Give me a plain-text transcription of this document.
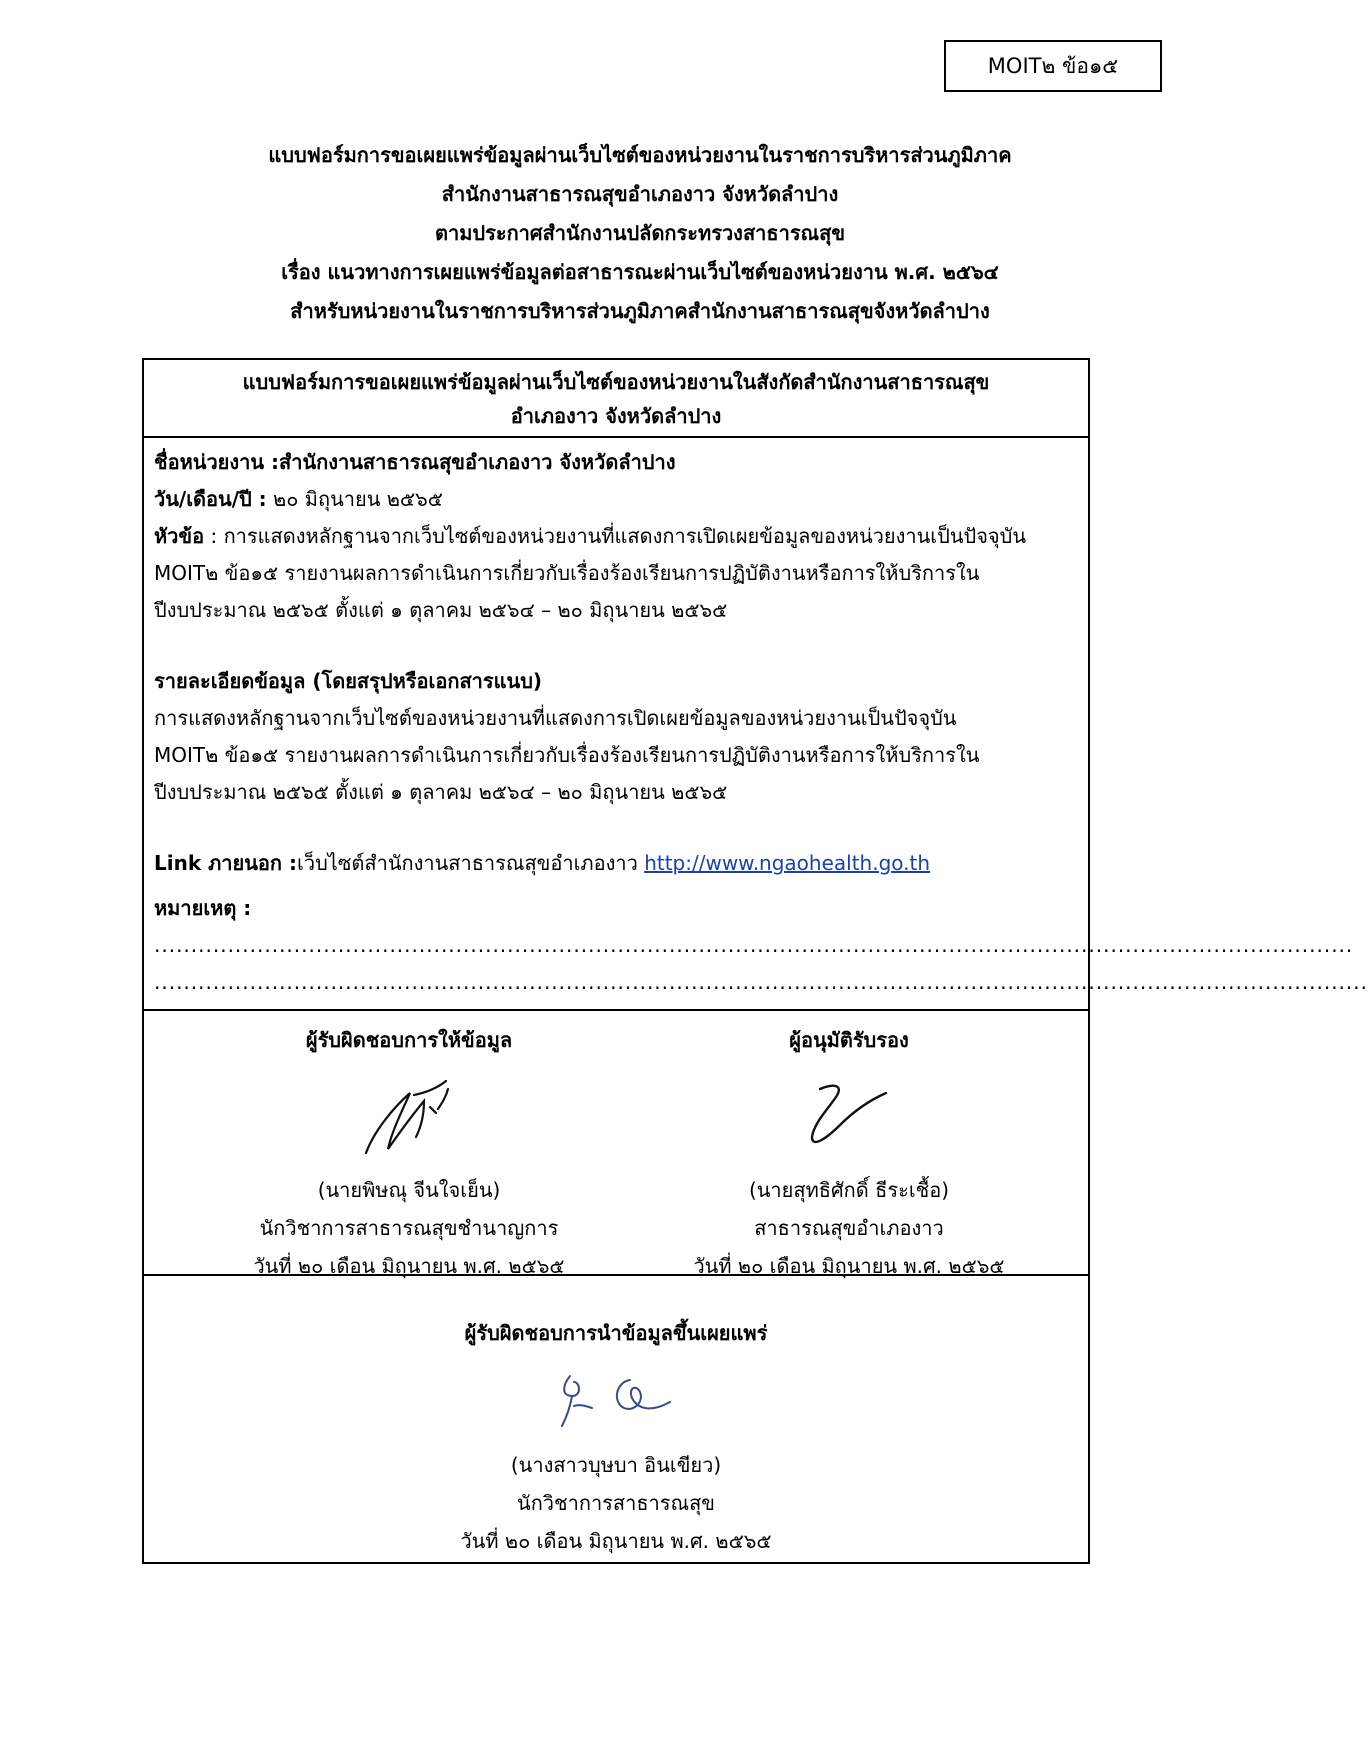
MOIT๒ ข้อ๑๕
แบบฟอร์มการขอเผยแพร่ข้อมูลผ่านเว็บไซต์ของหน่วยงานในราชการบริหารส่วนภูมิภาค
สำนักงานสาธารณสุขอำเภองาว จังหวัดลำปาง
ตามประกาศสำนักงานปลัดกระทรวงสาธารณสุข
เรื่อง แนวทางการเผยแพร่ข้อมูลต่อสาธารณะผ่านเว็บไซต์ของหน่วยงาน พ.ศ. ๒๕๖๔
สำหรับหน่วยงานในราชการบริหารส่วนภูมิภาคสำนักงานสาธารณสุขจังหวัดลำปาง
แบบฟอร์มการขอเผยแพร่ข้อมูลผ่านเว็บไซต์ของหน่วยงานในสังกัดสำนักงานสาธารณสุข
อำเภองาว จังหวัดลำปาง
ชื่อหน่วยงาน :สำนักงานสาธารณสุขอำเภองาว จังหวัดลำปาง
วัน/เดือน/ปี : ๒๐ มิถุนายน ๒๕๖๕
หัวข้อ : การแสดงหลักฐานจากเว็บไซต์ของหน่วยงานที่แสดงการเปิดเผยข้อมูลของหน่วยงานเป็นปัจจุบัน
MOIT๒ ข้อ๑๕ รายงานผลการดำเนินการเกี่ยวกับเรื่องร้องเรียนการปฏิบัติงานหรือการให้บริการใน
ปีงบประมาณ ๒๕๖๕ ตั้งแต่ ๑ ตุลาคม ๒๕๖๔ – ๒๐ มิถุนายน ๒๕๖๕
รายละเอียดข้อมูล (โดยสรุปหรือเอกสารแนบ)
การแสดงหลักฐานจากเว็บไซต์ของหน่วยงานที่แสดงการเปิดเผยข้อมูลของหน่วยงานเป็นปัจจุบัน
MOIT๒ ข้อ๑๕ รายงานผลการดำเนินการเกี่ยวกับเรื่องร้องเรียนการปฏิบัติงานหรือการให้บริการใน
ปีงบประมาณ ๒๕๖๕ ตั้งแต่ ๑ ตุลาคม ๒๕๖๔ – ๒๐ มิถุนายน ๒๕๖๕
Link ภายนอก :เว็บไซต์สำนักงานสาธารณสุขอำเภองาว http://www.ngaohealth.go.th
หมายเหตุ :
...................................................................................................................................................................
.....................................................................................................................................................................
ผู้รับผิดชอบการให้ข้อมูล
(นายพิษณุ จีนใจเย็น)
นักวิชาการสาธารณสุขชำนาญการ
วันที่ ๒๐ เดือน มิถุนายน พ.ศ. ๒๕๖๕
ผู้อนุมัติรับรอง
(นายสุทธิศักดิ์ ธีระเชื้อ)
สาธารณสุขอำเภองาว
วันที่ ๒๐ เดือน มิถุนายน พ.ศ. ๒๕๖๕
ผู้รับผิดชอบการนำข้อมูลขึ้นเผยแพร่
(นางสาวบุษบา อินเขียว)
นักวิชาการสาธารณสุข
วันที่ ๒๐ เดือน มิถุนายน พ.ศ. ๒๕๖๕
